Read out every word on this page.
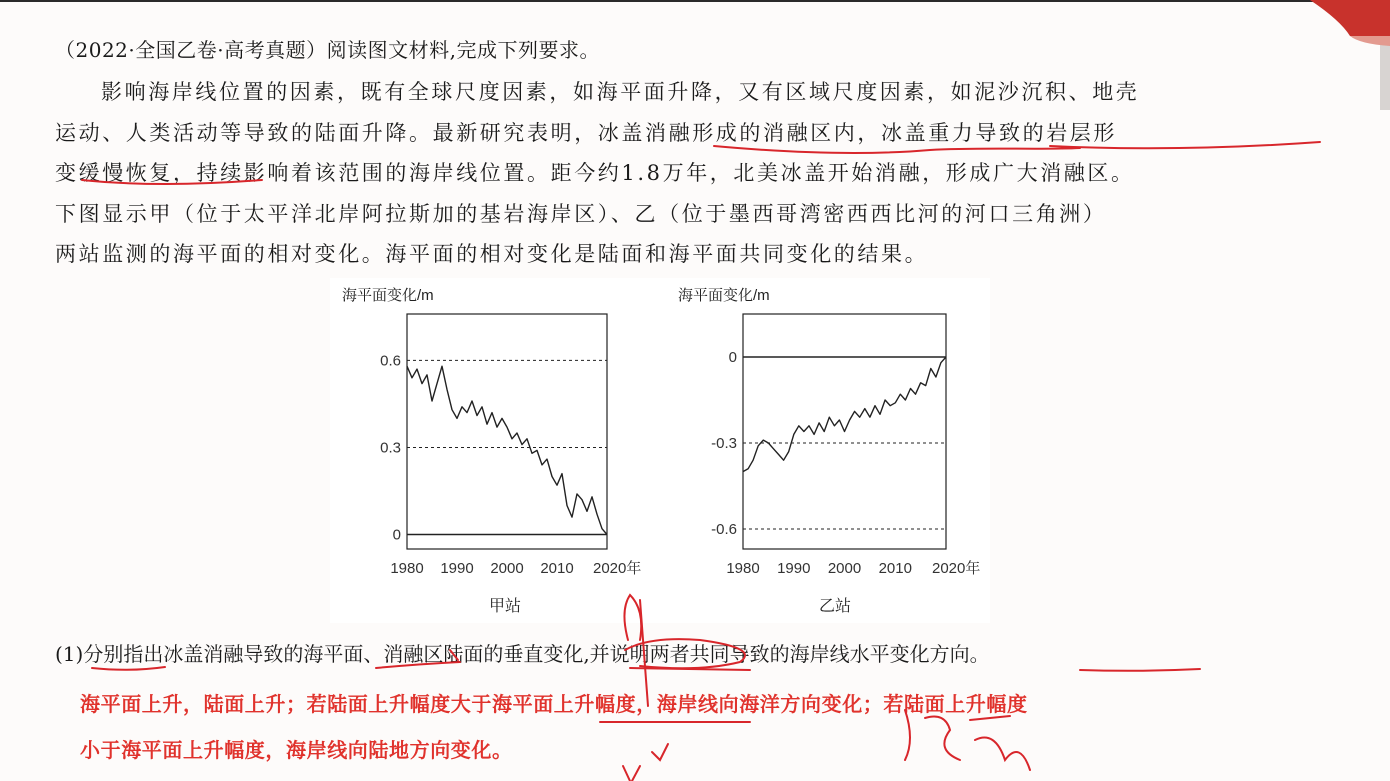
（2022·全国乙卷·高考真题）阅读图文材料,完成下列要求。
影响海岸线位置的因素，既有全球尺度因素，如海平面升降，又有区域尺度因素，如泥沙沉积、地壳
运动、人类活动等导致的陆面升降。最新研究表明，冰盖消融形成的消融区内，冰盖重力导致的岩层形
变缓慢恢复，持续影响着该范围的海岸线位置。距今约1.8万年，北美冰盖开始消融，形成广大消融区。
下图显示甲（位于太平洋北岸阿拉斯加的基岩海岸区）、乙（位于墨西哥湾密西西比河的河口三角洲）
两站监测的海平面的相对变化。海平面的相对变化是陆面和海平面共同变化的结果。
海平面变化/m
0
0.3
0.6
1980 1990 2000 2010 2020年
甲站
海平面变化/m
0
-0.3
-0.6
1980 1990 2000 2010 2020年
乙站
(1)分别指出冰盖消融导致的海平面、消融区陆面的垂直变化,并说明两者共同导致的海岸线水平变化方向。
海平面上升，陆面上升；若陆面上升幅度大于海平面上升幅度，海岸线向海洋方向变化；若陆面上升幅度
小于海平面上升幅度，海岸线向陆地方向变化。
